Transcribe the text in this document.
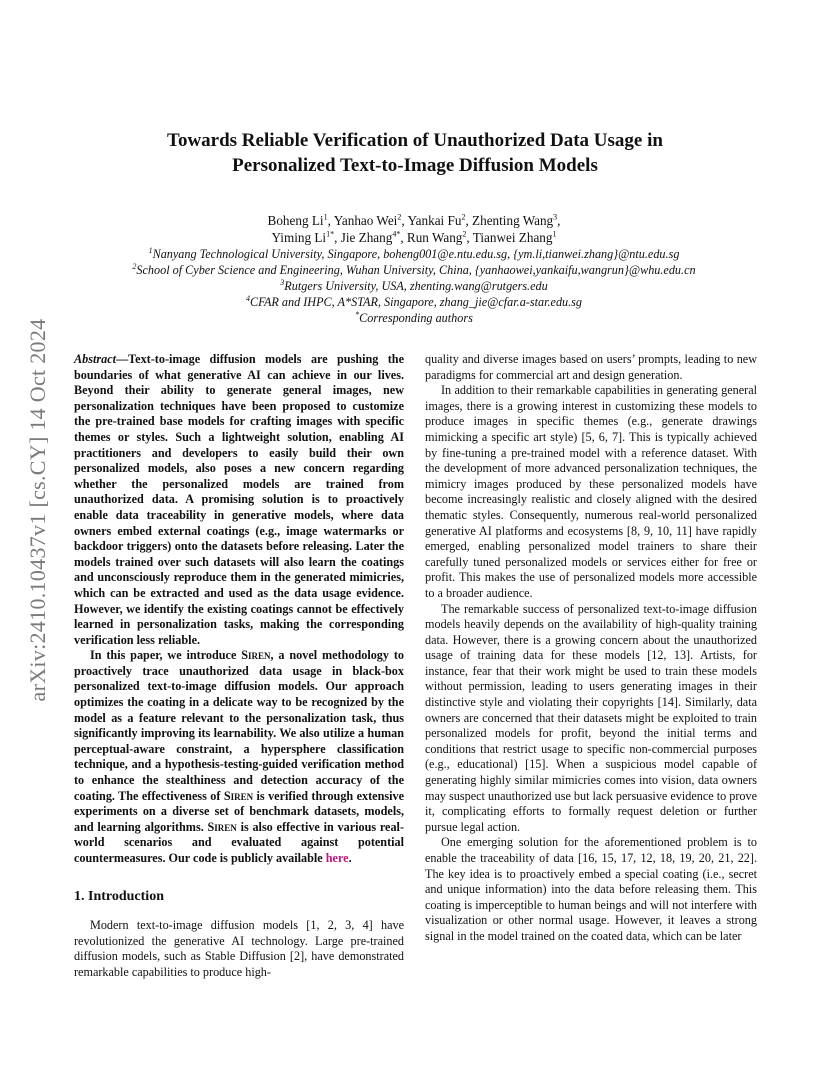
arXiv:2410.10437v1 [cs.CY] 14 Oct 2024
Towards Reliable Verification of Unauthorized Data Usage in Personalized Text-to-Image Diffusion Models
Boheng Li$^1$, Yanhao Wei$^2$, Yankai Fu$^2$, Zhenting Wang$^3$,
Yiming $Li^{1*}$, Jie Zhang$^{4*}$, Run Wang$^2$, Tianwei Zhang$^1$
$^1$Nanyang Technological University, Singapore, boheng001@e.ntu.edu.sg, {ym.li,tianwei.zhang}@ntu.edu.sg
$^2$School of Cyber Science and Engineering, Wuhan University, China, {yanhaowei,yankaifu,wangrun}@whu.edu.cn
$^3$Rutgers University, USA, zhenting.wang@rutgers.edu
$^4$CFAR and IHPC, A*STAR, Singapore, zhang_jie@cfar.a-star.edu.sg
*Corresponding authors

Abstract—Text-to-image diffusion models are pushing the boundaries of what generative AI can achieve in our lives. Beyond their ability to generate general images, new personalization techniques have been proposed to customize the pre-trained base models for crafting images with specific themes or styles. Such a lightweight solution, enabling AI practitioners and developers to easily build their own personalized models, also poses a new concern regarding whether the personalized models are trained from unauthorized data. A promising solution is to proactively enable data traceability in generative models, where data owners embed external coatings (e.g., image watermarks or backdoor triggers) onto the datasets before releasing. Later the models trained over such datasets will also learn the coatings and unconsciously reproduce them in the generated mimicries, which can be extracted and used as the data usage evidence. However, we identify the existing coatings cannot be effectively learned in personalization tasks, making the corresponding verification less reliable.

In this paper, we introduce Siren, a novel methodology to proactively trace unauthorized data usage in black-box personalized text-to-image diffusion models. Our approach optimizes the coating in a delicate way to be recognized by the model as a feature relevant to the personalization task, thus significantly improving its learnability. We also utilize a human perceptual-aware constraint, a hypersphere classification technique, and a hypothesis-testing-guided verification method to enhance the stealthiness and detection accuracy of the coating. The effectiveness of Siren is verified through extensive experiments on a diverse set of benchmark datasets, models, and learning algorithms. Siren is also effective in various real-world scenarios and evaluated against potential countermeasures. Our code is publicly available here.

1. Introduction

Modern text-to-image diffusion models [1, 2, 3, 4] have revolutionized the generative AI technology. Large pre-trained diffusion models, such as Stable Diffusion [2], have demonstrated remarkable capabilities to produce high-

quality and diverse images based on users’ prompts, leading to new paradigms for commercial art and design generation.

In addition to their remarkable capabilities in generating general images, there is a growing interest in customizing these models to produce images in specific themes (e.g., generate drawings mimicking a specific art style) [5, 6, 7]. This is typically achieved by fine-tuning a pre-trained model with a reference dataset. With the development of more advanced personalization techniques, the mimicry images produced by these personalized models have become increasingly realistic and closely aligned with the desired thematic styles. Consequently, numerous real-world personalized generative AI platforms and ecosystems [8, 9, 10, 11] have rapidly emerged, enabling personalized model trainers to share their carefully tuned personalized models or services either for free or profit. This makes the use of personalized models more accessible to a broader audience.

The remarkable success of personalized text-to-image diffusion models heavily depends on the availability of high-quality training data. However, there is a growing concern about the unauthorized usage of training data for these models [12, 13]. Artists, for instance, fear that their work might be used to train these models without permission, leading to users generating images in their distinctive style and violating their copyrights [14]. Similarly, data owners are concerned that their datasets might be exploited to train personalized models for profit, beyond the initial terms and conditions that restrict usage to specific non-commercial purposes (e.g., educational) [15]. When a suspicious model capable of generating highly similar mimicries comes into vision, data owners may suspect unauthorized use but lack persuasive evidence to prove it, complicating efforts to formally request deletion or further pursue legal action.

One emerging solution for the aforementioned problem is to enable the traceability of data [16, 15, 17, 12, 18, 19, 20, 21, 22]. The key idea is to proactively embed a special coating (i.e., secret and unique information) into the data before releasing them. This coating is imperceptible to human beings and will not interfere with visualization or other normal usage. However, it leaves a strong signal in the model trained on the coated data, which can be later
